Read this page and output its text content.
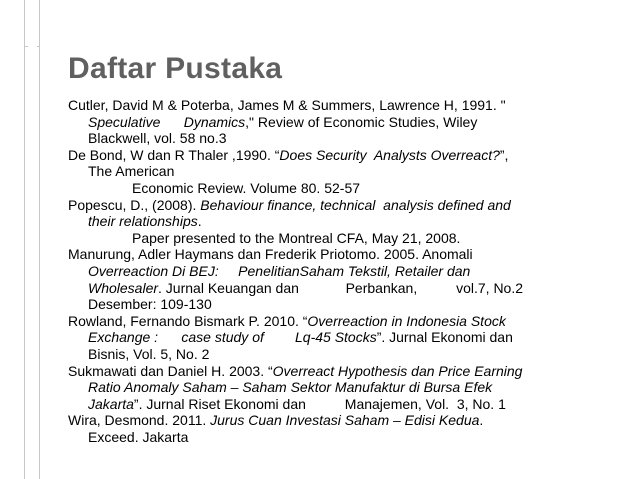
Daftar Pustaka
Cutler, David M & Poterba, James M & Summers, Lawrence H, 1991. "
Speculative      Dynamics," Review of Economic Studies, Wiley
Blackwell, vol. 58 no.3
De Bond, W dan R Thaler ,1990. “Does Security  Analysts Overreact?”,
The American
Economic Review. Volume 80. 52-57
Popescu, D., (2008). Behaviour finance, technical  analysis defined and
their relationships.
Paper presented to the Montreal CFA, May 21, 2008.
Manurung, Adler Haymans dan Frederik Priotomo. 2005. Anomali
Overreaction Di BEJ:     PenelitianSaham Tekstil, Retailer dan
Wholesaler. Jurnal Keuangan dan            Perbankan,          vol.7, No.2
Desember: 109-130
Rowland, Fernando Bismark P. 2010. “Overreaction in Indonesia Stock
Exchange :      case study of        Lq-45 Stocks”. Jurnal Ekonomi dan
Bisnis, Vol. 5, No. 2
Sukmawati dan Daniel H. 2003. “Overreact Hypothesis dan Price Earning
Ratio Anomaly Saham – Saham Sektor Manufaktur di Bursa Efek
Jakarta”. Jurnal Riset Ekonomi dan          Manajemen, Vol.  3, No. 1
Wira, Desmond. 2011. Jurus Cuan Investasi Saham – Edisi Kedua.
Exceed. Jakarta
